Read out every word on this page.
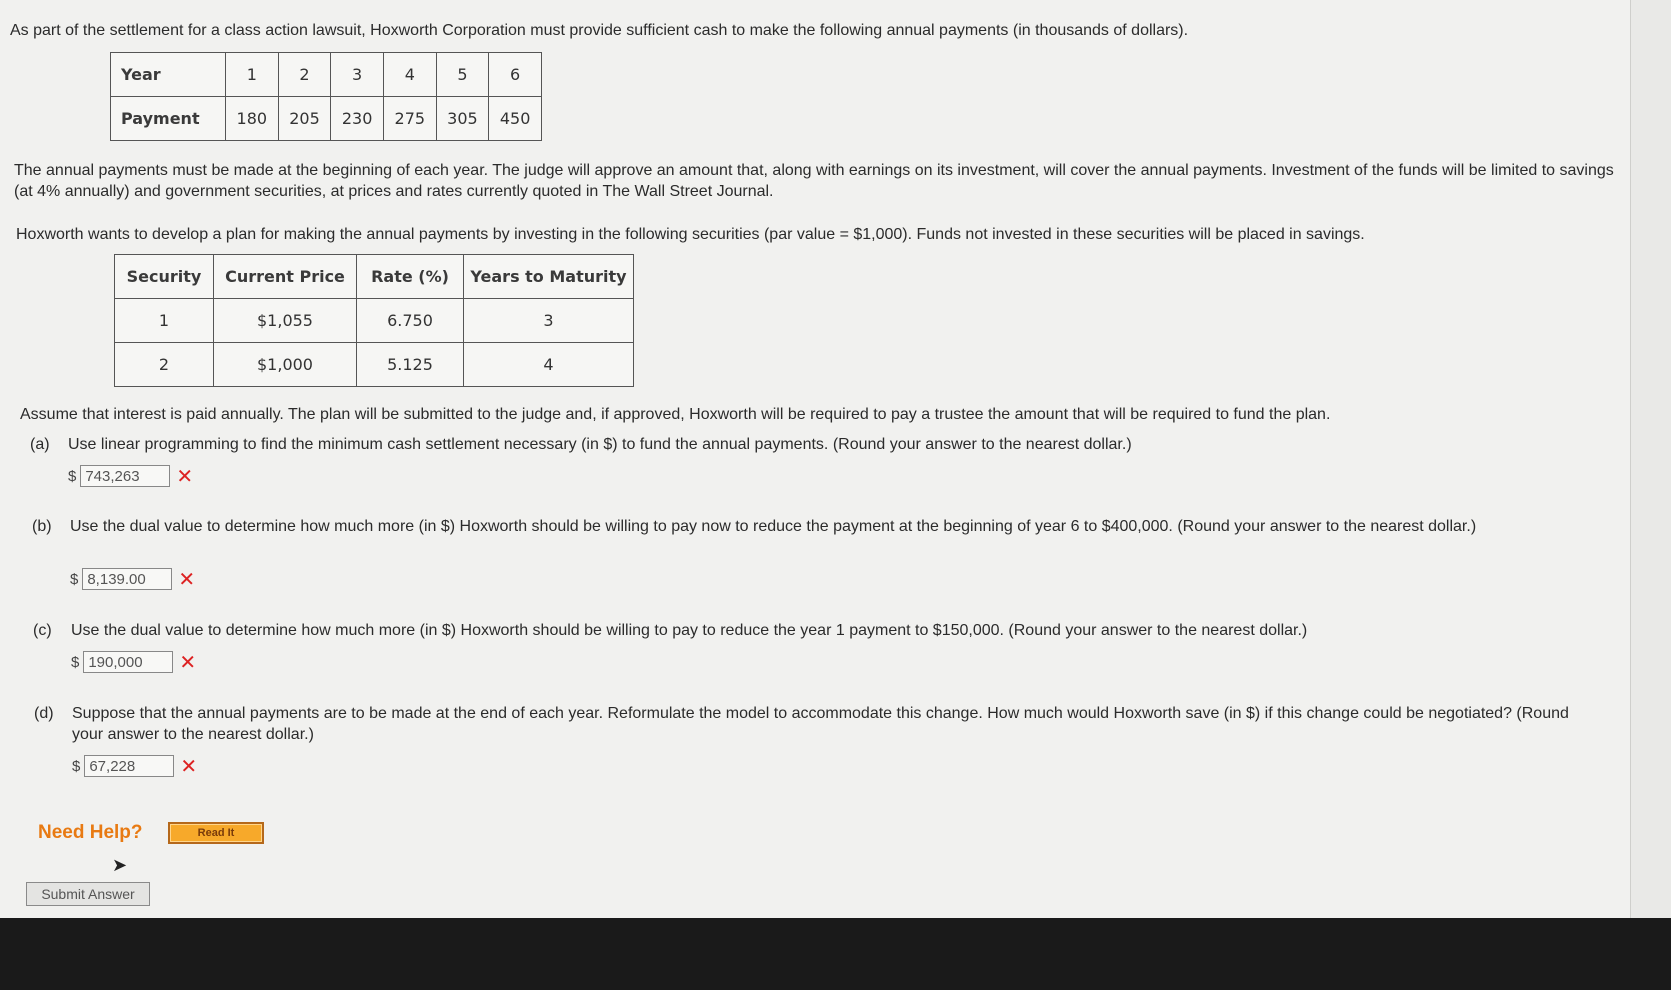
As part of the settlement for a class action lawsuit, Hoxworth Corporation must provide sufficient cash to make the following annual payments (in thousands of dollars).
Year	1	2	3	4	5	6
Payment	180	205	230	275	305	450
The annual payments must be made at the beginning of each year. The judge will approve an amount that, along with earnings on its investment, will cover the annual payments. Investment of the funds will be limited to savings (at 4% annually) and government securities, at prices and rates currently quoted in The Wall Street Journal.
Hoxworth wants to develop a plan for making the annual payments by investing in the following securities (par value = $1,000). Funds not invested in these securities will be placed in savings.
Security	Current Price	Rate (%)	Years to Maturity
1	$1,055	6.750	3
2	$1,000	5.125	4
Assume that interest is paid annually. The plan will be submitted to the judge and, if approved, Hoxworth will be required to pay a trustee the amount that will be required to fund the plan.
(a) Use linear programming to find the minimum cash settlement necessary (in $) to fund the annual payments. (Round your answer to the nearest dollar.)
$ 743,263	✕
(b) Use the dual value to determine how much more (in $) Hoxworth should be willing to pay now to reduce the payment at the beginning of year 6 to $400,000. (Round your answer to the nearest dollar.)
$ 8,139.00	✕
(c) Use the dual value to determine how much more (in $) Hoxworth should be willing to pay to reduce the year 1 payment to $150,000. (Round your answer to the nearest dollar.)
$ 190,000	✕
(d) Suppose that the annual payments are to be made at the end of each year. Reformulate the model to accommodate this change. How much would Hoxworth save (in $) if this change could be negotiated? (Round your answer to the nearest dollar.)
$ 67,228	✕
Need Help?	Read It
➤
Submit Answer
